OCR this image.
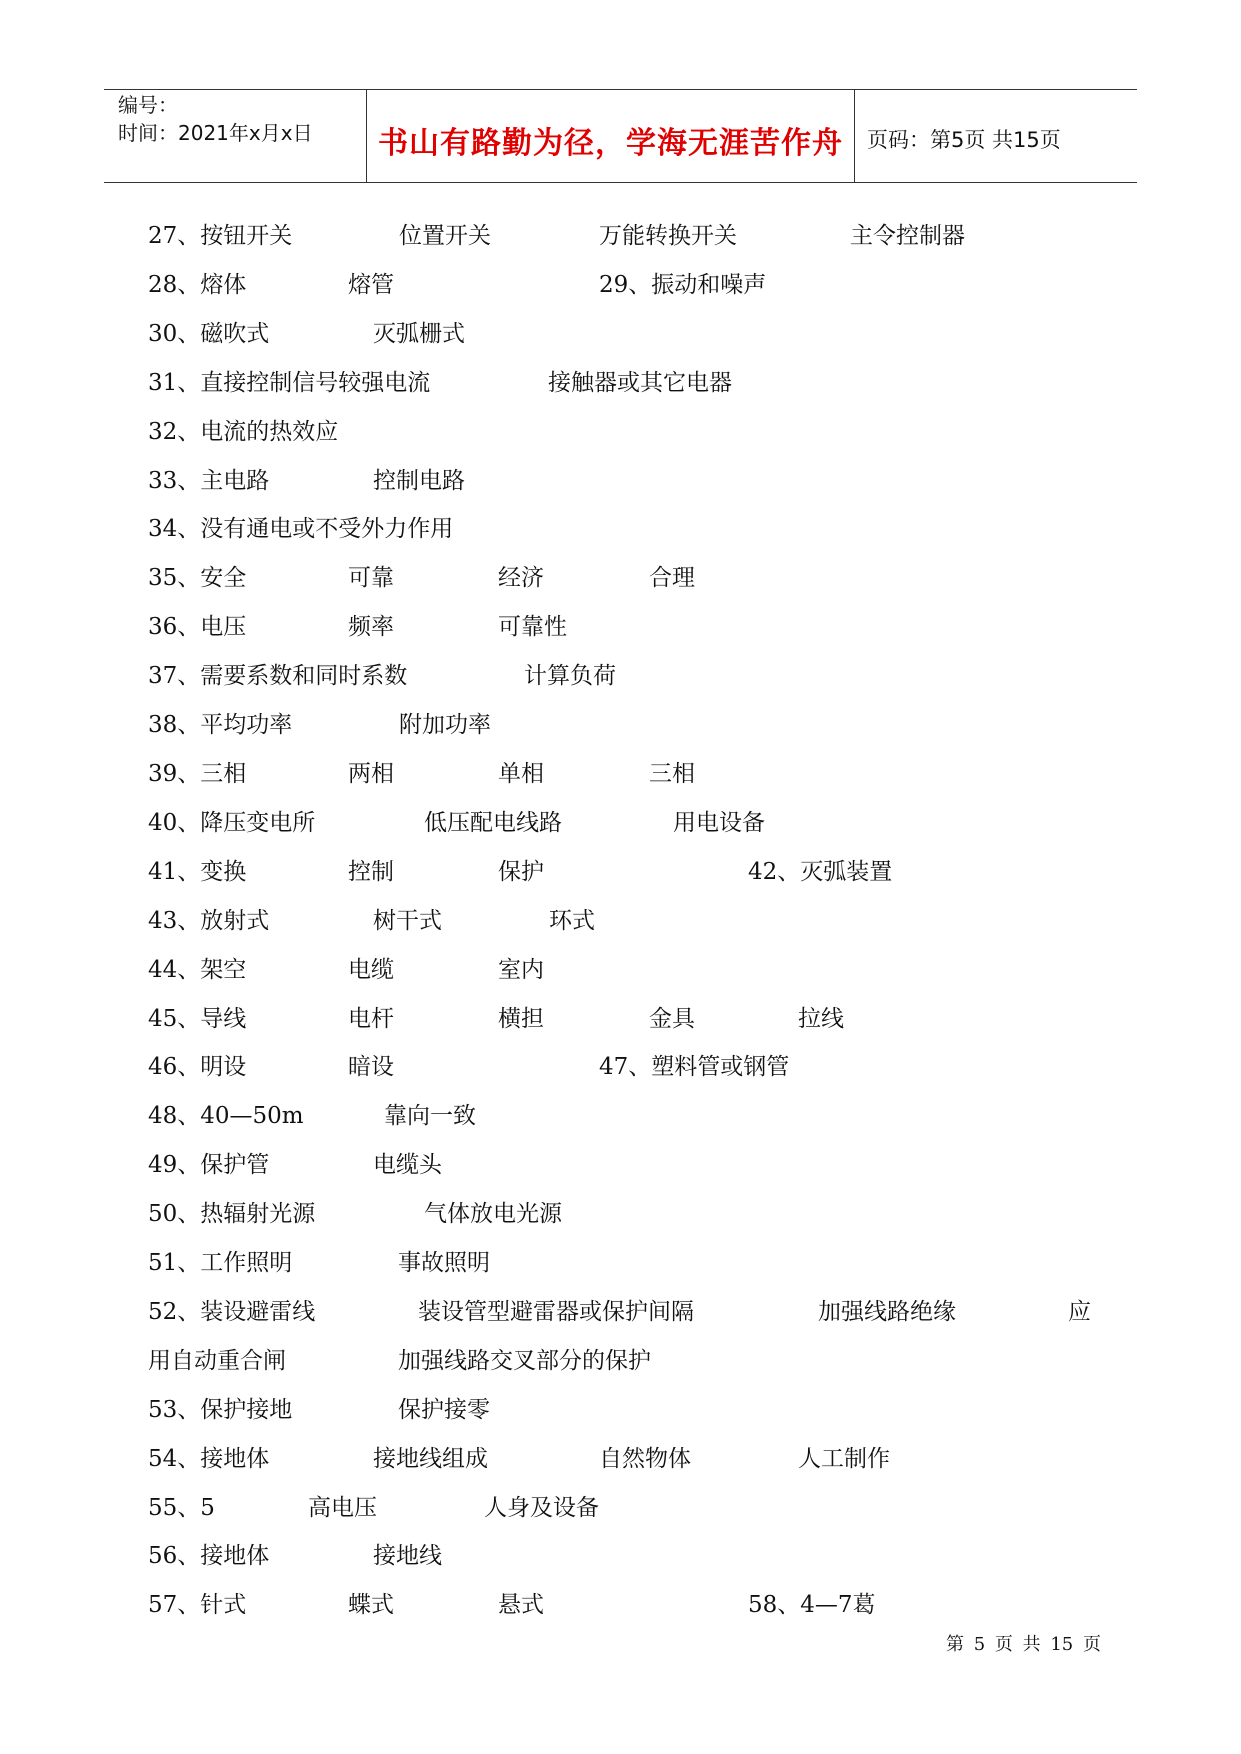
编号：
时间：2021年x月x日	书山有路勤为径，学海无涯苦作舟	页码：第5页 共15页
27、按钮开关	位置开关	万能转换开关	主令控制器
28、熔体	熔管	29、振动和噪声
30、磁吹式	灭弧栅式
31、直接控制信号较强电流	接触器或其它电器
32、电流的热效应
33、主电路	控制电路
34、没有通电或不受外力作用
35、安全	可靠	经济	合理
36、电压	频率	可靠性
37、需要系数和同时系数	计算负荷
38、平均功率	附加功率
39、三相	两相	单相	三相
40、降压变电所	低压配电线路	用电设备
41、变换	控制	保护	42、灭弧装置
43、放射式	树干式	环式
44、架空	电缆	室内
45、导线	电杆	横担	金具	拉线
46、明设	暗设	47、塑料管或钢管
48、40—50m	靠向一致
49、保护管	电缆头
50、热辐射光源	气体放电光源
51、工作照明	事故照明
52、装设避雷线	装设管型避雷器或保护间隔	加强线路绝缘	应
用自动重合闸	加强线路交叉部分的保护
53、保护接地	保护接零
54、接地体	接地线组成	自然物体	人工制作
55、5	高电压	人身及设备
56、接地体	接地线
57、针式	蝶式	悬式	58、4—7葛
第 5 页 共 15 页
